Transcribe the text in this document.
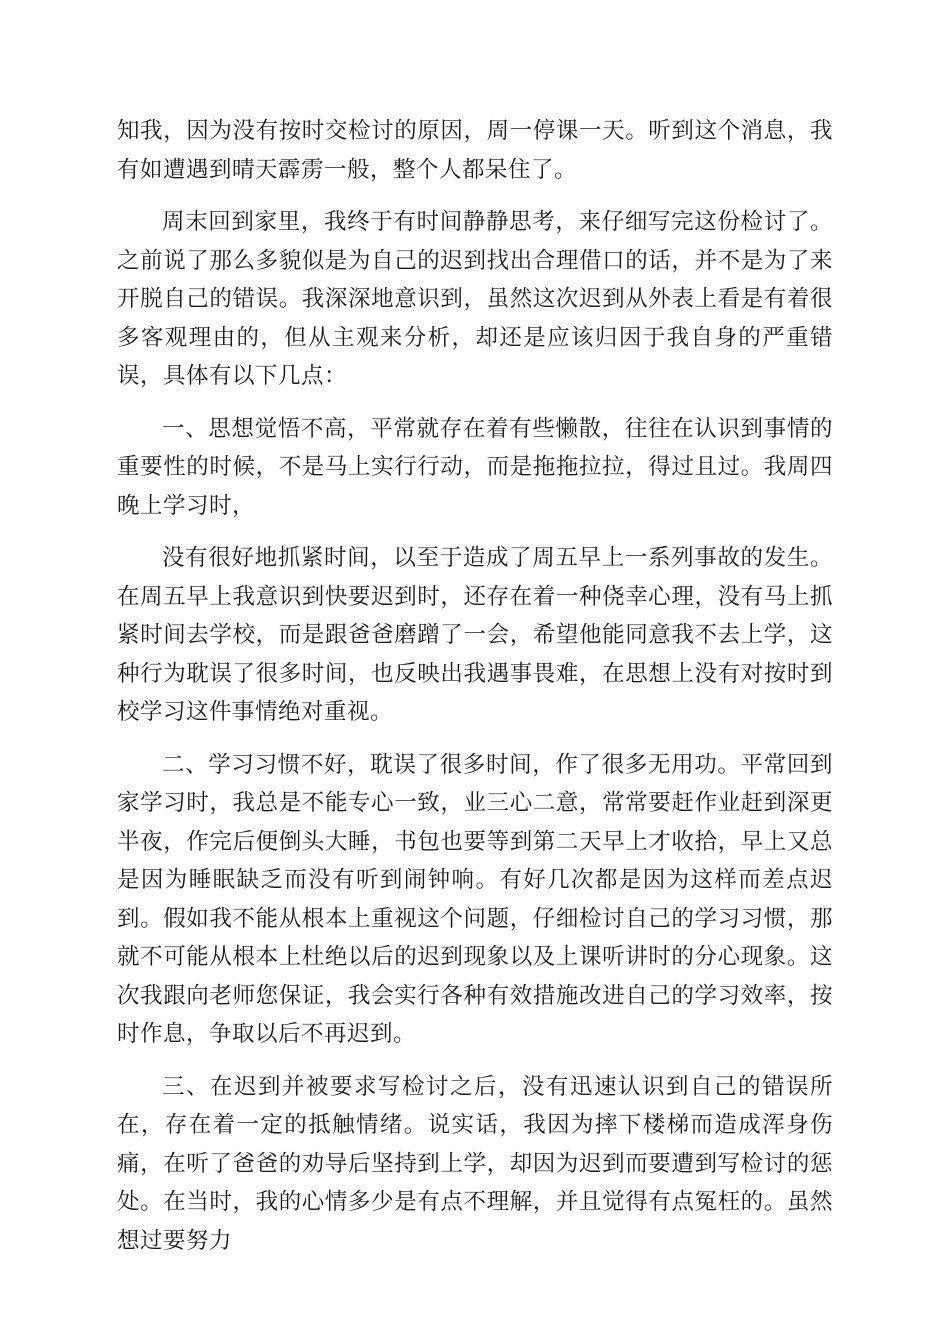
知我，因为没有按时交检讨的原因，周一停课一天。听到这个消息，我有如遭遇到晴天霹雳一般，整个人都呆住了。

周末回到家里，我终于有时间静静思考，来仔细写完这份检讨了。之前说了那么多貌似是为自己的迟到找出合理借口的话，并不是为了来开脱自己的错误。我深深地意识到，虽然这次迟到从外表上看是有着很多客观理由的，但从主观来分析，却还是应该归因于我自身的严重错误，具体有以下几点：

一、思想觉悟不高，平常就存在着有些懒散，往往在认识到事情的重要性的时候，不是马上实行行动，而是拖拖拉拉，得过且过。我周四晚上学习时，

没有很好地抓紧时间，以至于造成了周五早上一系列事故的发生。在周五早上我意识到快要迟到时，还存在着一种侥幸心理，没有马上抓紧时间去学校，而是跟爸爸磨蹭了一会，希望他能同意我不去上学，这种行为耽误了很多时间，也反映出我遇事畏难，在思想上没有对按时到校学习这件事情绝对重视。

二、学习习惯不好，耽误了很多时间，作了很多无用功。平常回到家学习时，我总是不能专心一致，业三心二意，常常要赶作业赶到深更半夜，作完后便倒头大睡，书包也要等到第二天早上才收拾，早上又总是因为睡眠缺乏而没有听到闹钟响。有好几次都是因为这样而差点迟到。假如我不能从根本上重视这个问题，仔细检讨自己的学习习惯，那就不可能从根本上杜绝以后的迟到现象以及上课听讲时的分心现象。这次我跟向老师您保证，我会实行各种有效措施改进自己的学习效率，按时作息，争取以后不再迟到。

三、在迟到并被要求写检讨之后，没有迅速认识到自己的错误所在，存在着一定的抵触情绪。说实话，我因为摔下楼梯而造成浑身伤痛，在听了爸爸的劝导后坚持到上学，却因为迟到而要遭到写检讨的惩处。在当时，我的心情多少是有点不理解，并且觉得有点冤枉的。虽然想过要努力
